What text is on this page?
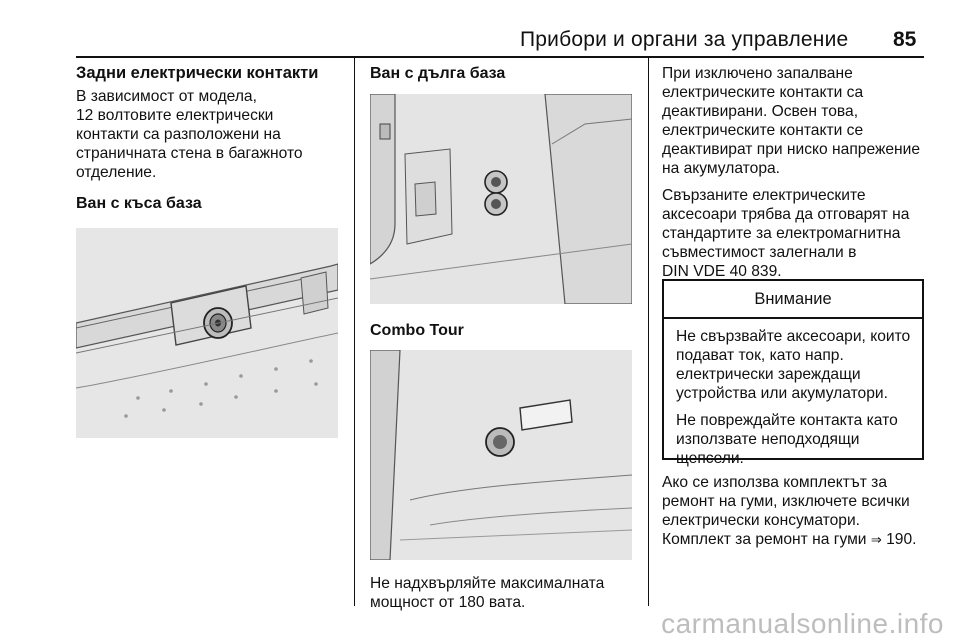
Прибори и органи за управление 85
Задни електрически контакти
В зависимост от модела,
12 волтовите електрически
контакти са разположени на
страничната стена в багажното
отделение.
Ван с къса база
Ван с дълга база
Combo Tour
Не надхвърляйте максималната
мощност от 180 вата.
При изключено запалване
електрическите контакти са
деактивирани. Освен това,
електрическите контакти се
деактивират при ниско напрежение
на акумулатора.
Свързаните електрическите
аксесоари трябва да отговарят на
стандартите за електромагнитна
съвместимост залегнали в
DIN VDE 40 839.
Внимание
Не свързвайте аксесоари, които
подават ток, като напр.
електрически зареждащи
устройства или акумулатори.
Не повреждайте контакта като
използвате неподходящи
щепсели.
Ако се използва комплектът за
ремонт на гуми, изключете всички
електрически консуматори.
Комплект за ремонт на гуми ⇒ 190.
carmanualsonline.info
